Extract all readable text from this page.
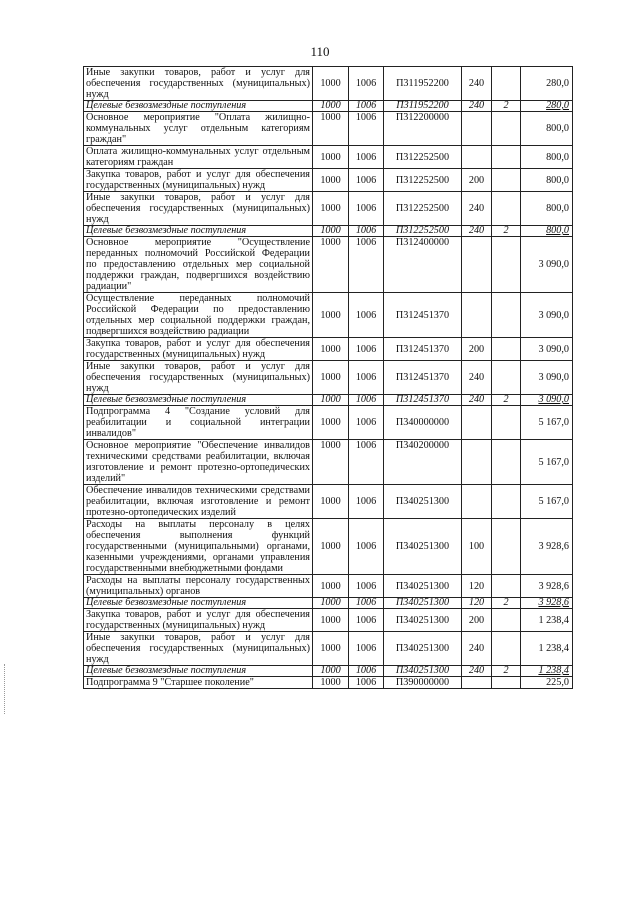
110
Иные закупки товаров, работ и услуг для обеспечения государственных (муниципальных) нужд	1000	1006	П311952200	240		280,0
Целевые безвозмездные поступления	1000	1006	П311952200	240	2	280,0
Основное мероприятие "Оплата жилищно-коммунальных услуг отдельным категориям граждан"	1000	1006	П312200000			800,0
Оплата жилищно-коммунальных услуг отдельным категориям граждан	1000	1006	П312252500			800,0
Закупка товаров, работ и услуг для обеспечения государственных (муниципальных) нужд	1000	1006	П312252500	200		800,0
Иные закупки товаров, работ и услуг для обеспечения государственных (муниципальных) нужд	1000	1006	П312252500	240		800,0
Целевые безвозмездные поступления	1000	1006	П312252500	240	2	800,0
Основное мероприятие "Осуществление переданных полномочий Российской Федерации по предоставлению отдельных мер социальной поддержки граждан, подвергшихся воздействию радиации"	1000	1006	П312400000			3 090,0
Осуществление переданных полномочий Российской Федерации по предоставлению отдельных мер социальной поддержки граждан, подвергшихся воздействию радиации	1000	1006	П312451370			3 090,0
Закупка товаров, работ и услуг для обеспечения государственных (муниципальных) нужд	1000	1006	П312451370	200		3 090,0
Иные закупки товаров, работ и услуг для обеспечения государственных (муниципальных) нужд	1000	1006	П312451370	240		3 090,0
Целевые безвозмездные поступления	1000	1006	П312451370	240	2	3 090,0
Подпрограмма 4 "Создание условий для реабилитации и социальной интеграции инвалидов"	1000	1006	П340000000			5 167,0
Основное мероприятие "Обеспечение инвалидов техническими средствами реабилитации, включая изготовление и ремонт протезно-ортопедических изделий"	1000	1006	П340200000			5 167,0
Обеспечение инвалидов техническими средствами реабилитации, включая изготовление и ремонт протезно-ортопедических изделий	1000	1006	П340251300			5 167,0
Расходы на выплаты персоналу в целях обеспечения выполнения функций государственными (муниципальными) органами, казенными учреждениями, органами управления государственными внебюджетными фондами	1000	1006	П340251300	100		3 928,6
Расходы на выплаты персоналу государственных (муниципальных) органов	1000	1006	П340251300	120		3 928,6
Целевые безвозмездные поступления	1000	1006	П340251300	120	2	3 928,6
Закупка товаров, работ и услуг для обеспечения государственных (муниципальных) нужд	1000	1006	П340251300	200		1 238,4
Иные закупки товаров, работ и услуг для обеспечения государственных (муниципальных) нужд	1000	1006	П340251300	240		1 238,4
Целевые безвозмездные поступления	1000	1006	П340251300	240	2	1 238,4
Подпрограмма 9 "Старшее поколение"	1000	1006	П390000000			225,0
